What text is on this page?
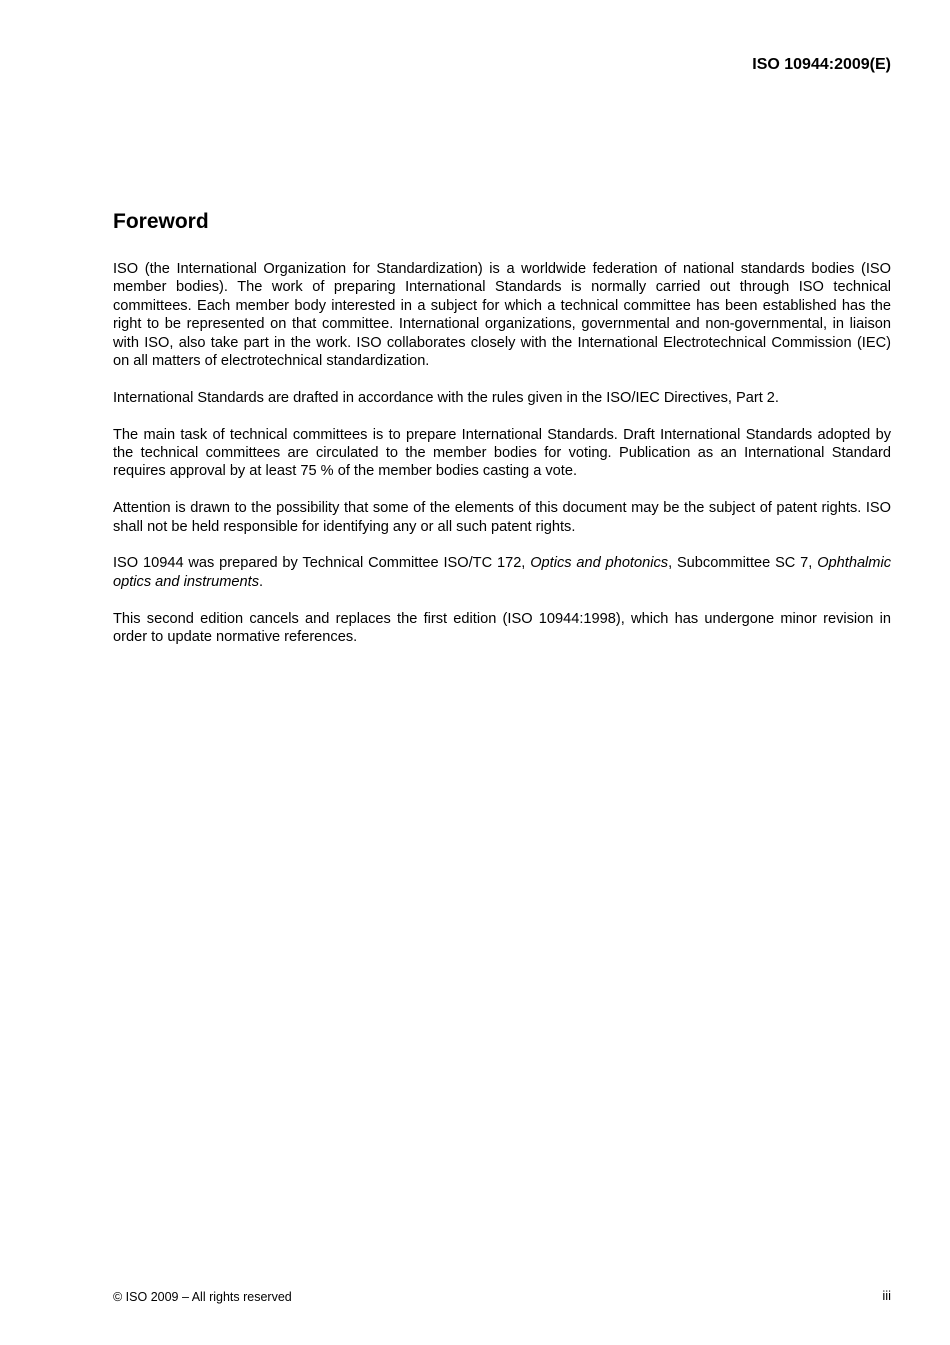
ISO 10944:2009(E)
Foreword

ISO (the International Organization for Standardization) is a worldwide federation of national standards bodies (ISO member bodies). The work of preparing International Standards is normally carried out through ISO technical committees. Each member body interested in a subject for which a technical committee has been established has the right to be represented on that committee. International organizations, governmental and non-governmental, in liaison with ISO, also take part in the work. ISO collaborates closely with the International Electrotechnical Commission (IEC) on all matters of electrotechnical standardization.

International Standards are drafted in accordance with the rules given in the ISO/IEC Directives, Part 2.

The main task of technical committees is to prepare International Standards. Draft International Standards adopted by the technical committees are circulated to the member bodies for voting. Publication as an International Standard requires approval by at least 75 % of the member bodies casting a vote.

Attention is drawn to the possibility that some of the elements of this document may be the subject of patent rights. ISO shall not be held responsible for identifying any or all such patent rights.

ISO 10944 was prepared by Technical Committee ISO/TC 172, Optics and photonics, Subcommittee SC 7, Ophthalmic optics and instruments.

This second edition cancels and replaces the first edition (ISO 10944:1998), which has undergone minor revision in order to update normative references.

© ISO 2009 – All rights reserved	iii
